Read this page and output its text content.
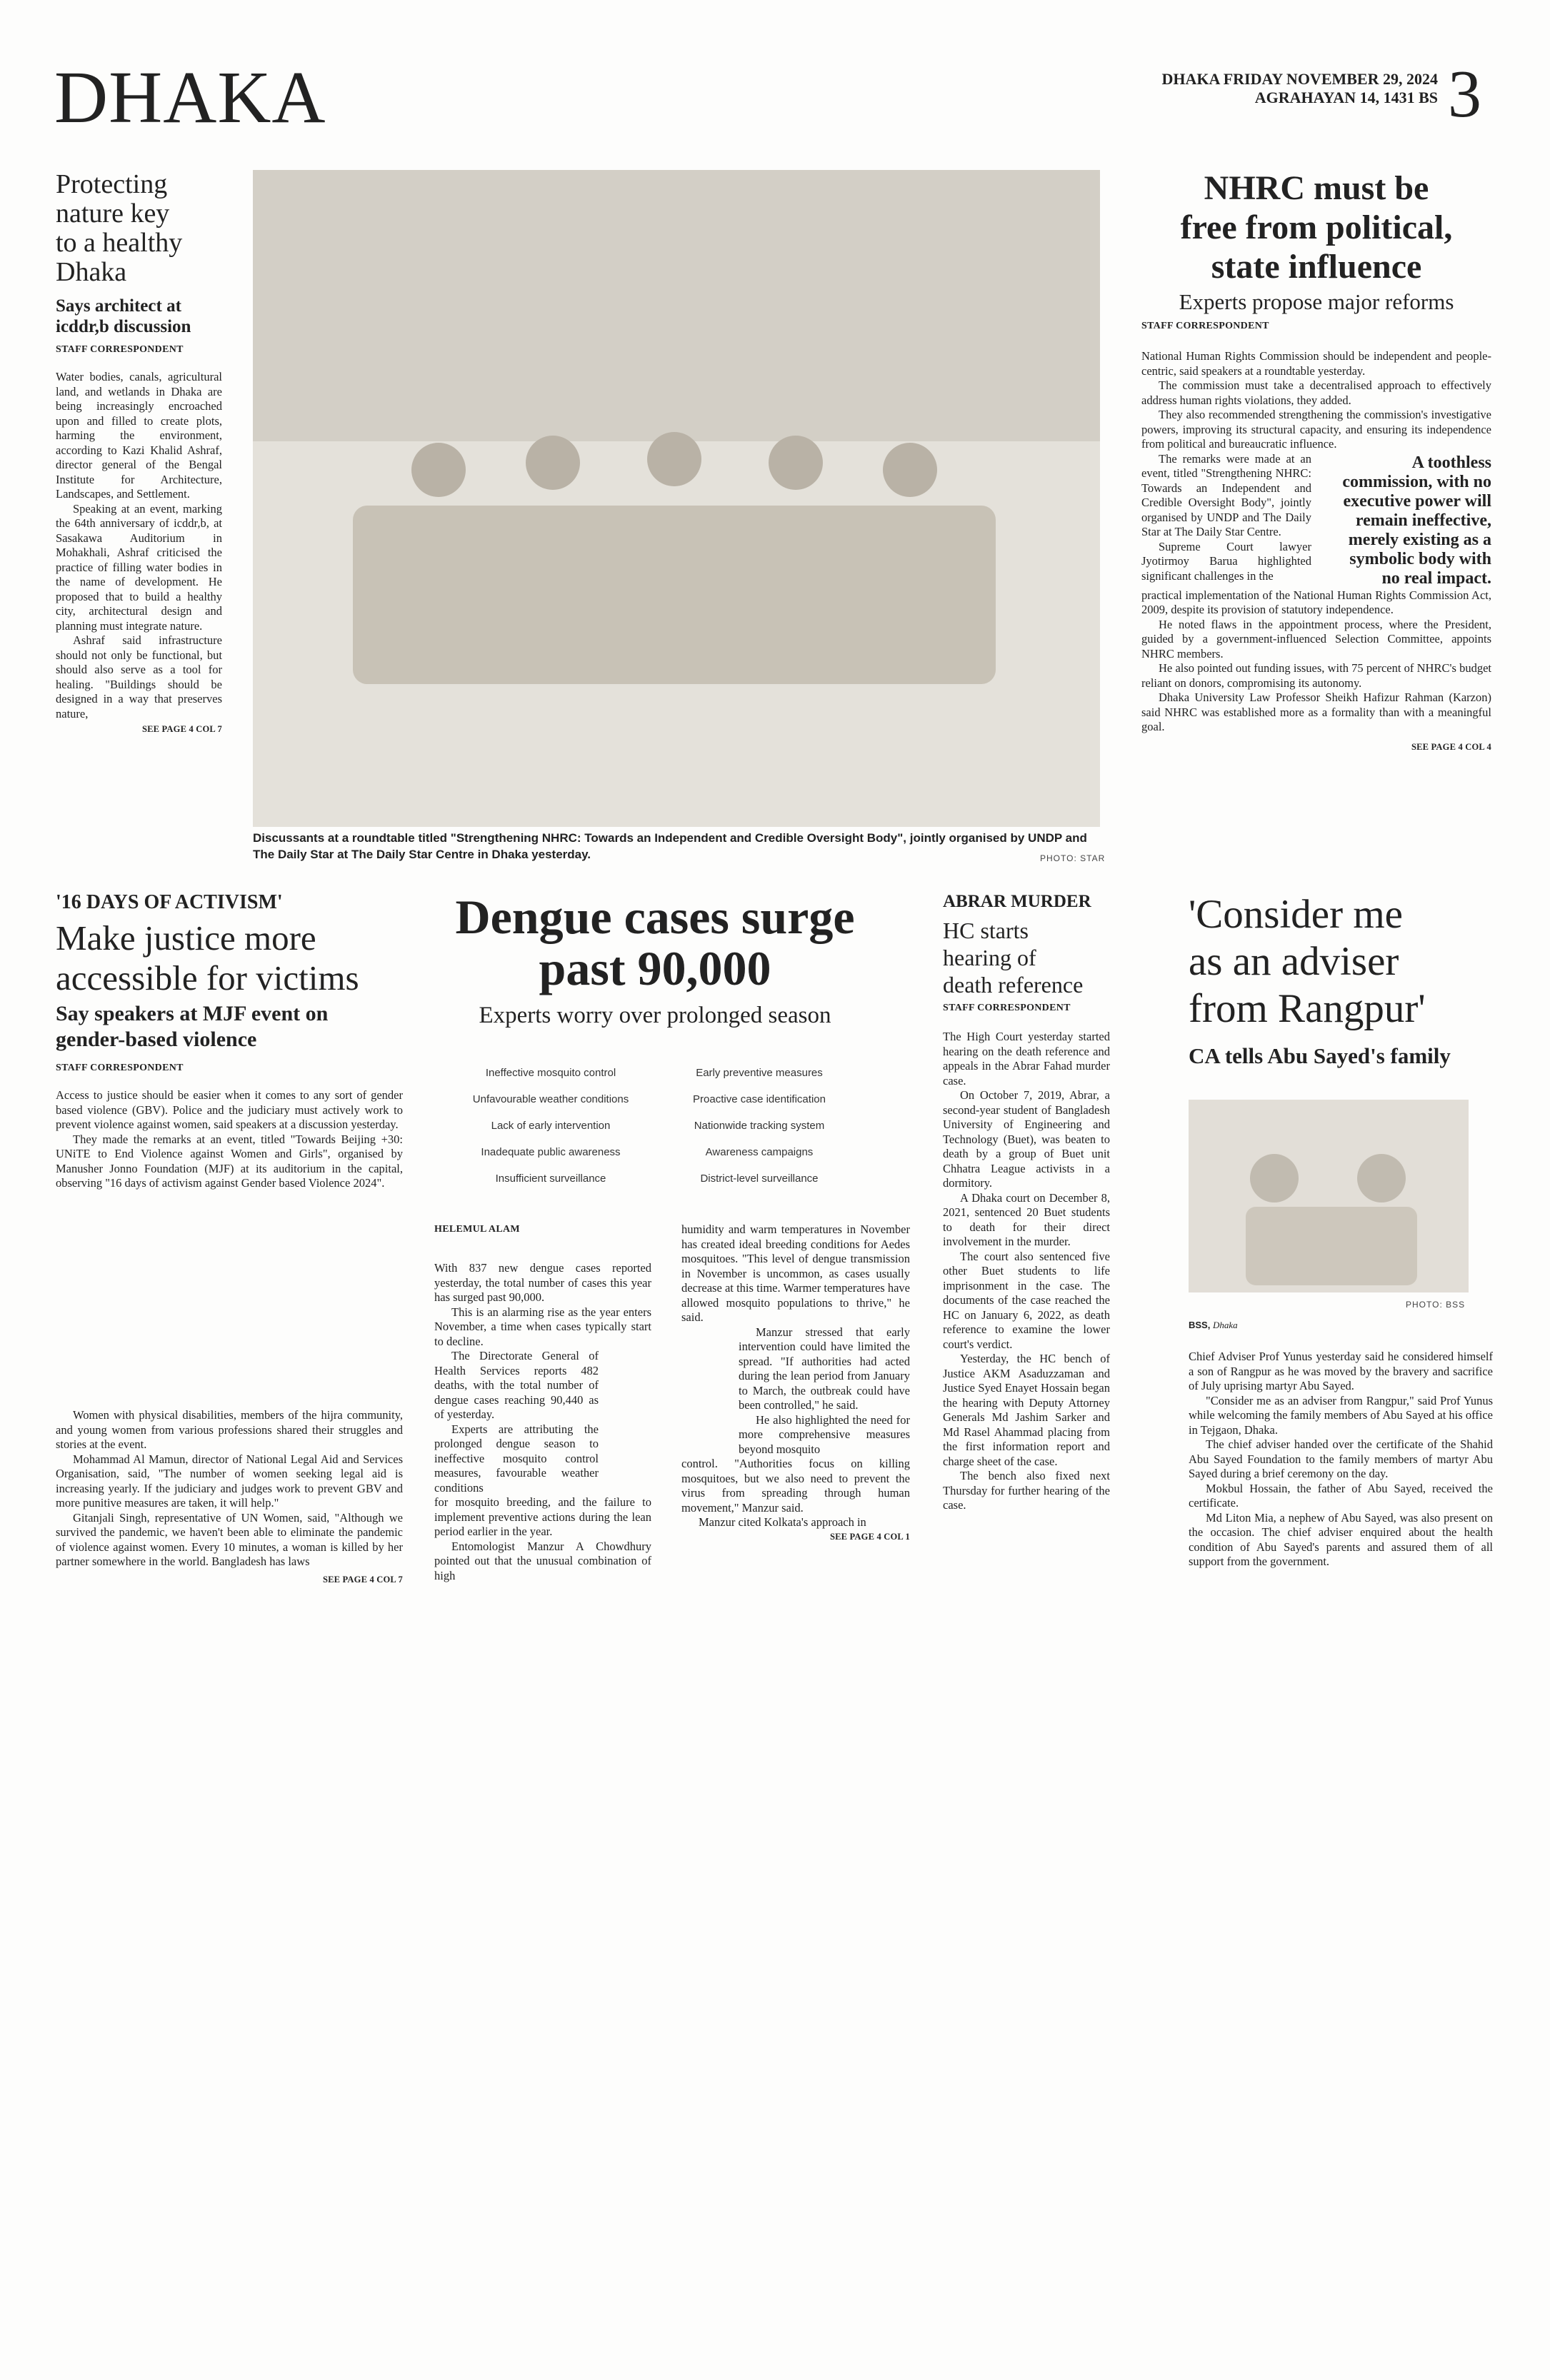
DHAKA	DHAKA FRIDAY NOVEMBER 29, 2024
AGRAHAYAN 14, 1431 BS 3
Protecting
nature key
to a healthy
Dhaka
Says architect at
icddr,b discussion
STAFF CORRESPONDENT

Water bodies, canals, agricultural land, and wetlands in Dhaka are being increasingly encroached upon and filled to create plots, harming the environment, according to Kazi Khalid Ashraf, director general of the Bengal Institute for Architecture, Landscapes, and Settlement.

Speaking at an event, marking the 64th anniversary of icddr,b, at Sasakawa Auditorium in Mohakhali, Ashraf criticised the practice of filling water bodies in the name of development. He proposed that to build a healthy city, architectural design and planning must integrate nature.

Ashraf said infrastructure should not only be functional, but should also serve as a tool for healing. "Buildings should be designed in a way that preserves nature,

SEE PAGE 4 COL 7
Discussants at a roundtable titled "Strengthening NHRC: Towards an Independent and Credible Oversight Body", jointly organised by UNDP and The Daily Star at The Daily Star Centre in Dhaka yesterday.	PHOTO: STAR
NHRC must be
free from political,
state influence
Experts propose major reforms
STAFF CORRESPONDENT

National Human Rights Commission should be independent and people-centric, said speakers at a roundtable yesterday.

The commission must take a decentralised approach to effectively address human rights violations, they added.

They also recommended strengthening the commission's investigative powers, improving its structural capacity, and ensuring its independence from political and bureaucratic influence.

The remarks were made at an event, titled "Strengthening NHRC: Towards an Independent and Credible Oversight Body", jointly organised by UNDP and The Daily Star at The Daily Star Centre.

Supreme Court lawyer Jyotirmoy Barua highlighted significant challenges in the

A toothless commission, with no executive power will remain ineffective, merely existing as a symbolic body with no real impact.

practical implementation of the National Human Rights Commission Act, 2009, despite its provision of statutory independence.

He noted flaws in the appointment process, where the President, guided by a government-influenced Selection Committee, appoints NHRC members.

He also pointed out funding issues, with 75 percent of NHRC's budget reliant on donors, compromising its autonomy.

Dhaka University Law Professor Sheikh Hafizur Rahman (Karzon) said NHRC was established more as a formality than with a meaningful goal.

SEE PAGE 4 COL 4
'16 DAYS OF ACTIVISM'
Make justice more
accessible for victims
Say speakers at MJF event on
gender-based violence
STAFF CORRESPONDENT

Access to justice should be easier when it comes to any sort of gender based violence (GBV). Police and the judiciary must actively work to prevent violence against women, said speakers at a discussion yesterday.

They made the remarks at an event, titled "Towards Beijing +30: UNiTE to End Violence against Women and Girls", organised by Manusher Jonno Foundation (MJF) at its auditorium in the capital, observing "16 days of activism against Gender based Violence 2024".

Women with physical disabilities, members of the hijra community, and young women from various professions shared their struggles and stories at the event.

Mohammad Al Mamun, director of National Legal Aid and Services Organisation, said, "The number of women seeking legal aid is increasing yearly. If the judiciary and judges work to prevent GBV and more punitive measures are taken, it will help."

Gitanjali Singh, representative of UN Women, said, "Although we survived the pandemic, we haven't been able to eliminate the pandemic of violence against women. Every 10 minutes, a woman is killed by her partner somewhere in the world. Bangladesh has laws

SEE PAGE 4 COL 7
Dengue cases surge
past 90,000
Experts worry over prolonged season
Ineffective mosquito control
Unfavourable weather conditions
Lack of early intervention
Inadequate public awareness
Insufficient surveillance
Early preventive measures
Proactive case identification
Nationwide tracking system
Awareness campaigns
District-level surveillance
HELEMUL ALAM

With 837 new dengue cases reported yesterday, the total number of cases this year has surged past 90,000.

This is an alarming rise as the year enters November, a time when cases typically start to decline.

The Directorate General of Health Services reports 482 deaths, with the total number of dengue cases reaching 90,440 as of yesterday.

Experts are attributing the prolonged dengue season to ineffective mosquito control measures, favourable weather conditions

for mosquito breeding, and the failure to implement preventive actions during the lean period earlier in the year.

Entomologist Manzur A Chowdhury pointed out that the unusual combination of high

humidity and warm temperatures in November has created ideal breeding conditions for Aedes mosquitoes. "This level of dengue transmission in November is uncommon, as cases usually decrease at this time. Warmer temperatures have allowed mosquito populations to thrive," he said.

Manzur stressed that early intervention could have limited the spread. "If authorities had acted during the lean period from January to March, the outbreak could have been controlled," he said.

He also highlighted the need for more comprehensive measures beyond mosquito

control. "Authorities focus on killing mosquitoes, but we also need to prevent the virus from spreading through human movement," Manzur said.

Manzur cited Kolkata's approach in

SEE PAGE 4 COL 1
ABRAR MURDER
HC starts
hearing of
death reference
STAFF CORRESPONDENT

The High Court yesterday started hearing on the death reference and appeals in the Abrar Fahad murder case.

On October 7, 2019, Abrar, a second-year student of Bangladesh University of Engineering and Technology (Buet), was beaten to death by a group of Buet unit Chhatra League activists in a dormitory.

A Dhaka court on December 8, 2021, sentenced 20 Buet students to death for their direct involvement in the murder.

The court also sentenced five other Buet students to life imprisonment in the case. The documents of the case reached the HC on January 6, 2022, as death reference to examine the lower court's verdict.

Yesterday, the HC bench of Justice AKM Asaduzzaman and Justice Syed Enayet Hossain began the hearing with Deputy Attorney Generals Md Jashim Sarker and Md Rasel Ahammad placing from the first information report and charge sheet of the case.

The bench also fixed next Thursday for further hearing of the case.

'Consider me
as an adviser
from Rangpur'
CA tells Abu Sayed's family
PHOTO: BSS
BSS, Dhaka

Chief Adviser Prof Yunus yesterday said he considered himself a son of Rangpur as he was moved by the bravery and sacrifice of July uprising martyr Abu Sayed.

"Consider me as an adviser from Rangpur," said Prof Yunus while welcoming the family members of Abu Sayed at his office in Tejgaon, Dhaka.

The chief adviser handed over the certificate of the Shahid Abu Sayed Foundation to the family members of martyr Abu Sayed during a brief ceremony on the day.

Mokbul Hossain, the father of Abu Sayed, received the certificate.

Md Liton Mia, a nephew of Abu Sayed, was also present on the occasion. The chief adviser enquired about the health condition of Abu Sayed's parents and assured them of all support from the government.
